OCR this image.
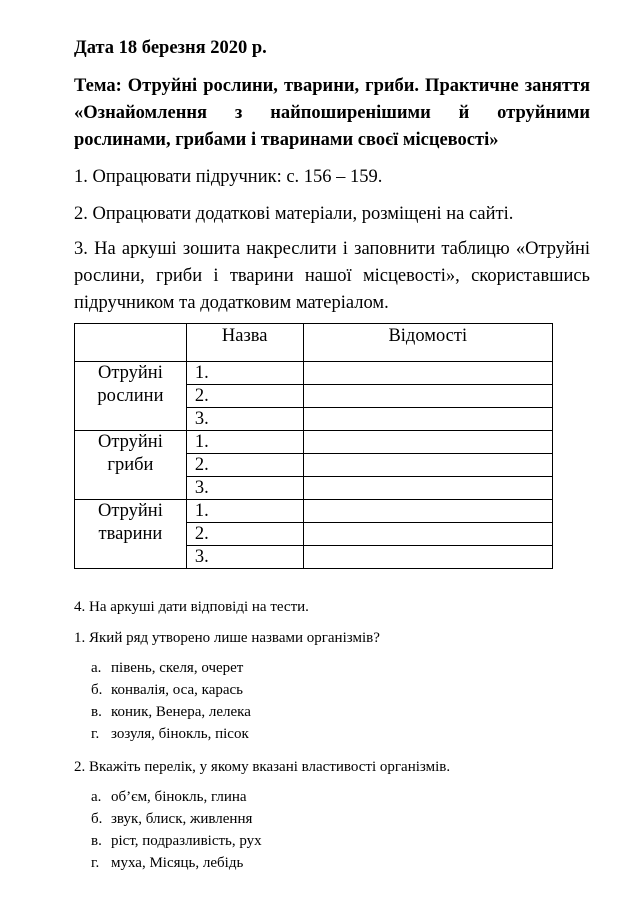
Дата 18 березня 2020 р.

Тема: Отруйні рослини, тварини, гриби. Практичне заняття «Ознайомлення з найпоширенішими й отруйними рослинами, грибами і тваринами своєї місцевості»

1. Опрацювати підручник: с. 156 – 159.

2. Опрацювати додаткові матеріали, розміщені на сайті.

3. На аркуші зошита накреслити і заповнити таблицю «Отруйні рослини, гриби і тварини нашої місцевості», скориставшись підручником та додатковим матеріалом.

	Назва	Відомості

Отруйні
рослини	1.	
	2.	
	3.	

Отруйні
гриби	1.	
	2.	
	3.	

Отруйні
тварини	1.	
	2.	
	3.	

4. На аркуші дати відповіді на тести.

1. Який ряд утворено лише назвами організмів?

а. півень, скеля, очерет
б. конвалія, оса, карась
в. коник, Венера, лелека
г. зозуля, бінокль, пісок

2. Вкажіть перелік, у якому вказані властивості організмів.

а. об’єм, бінокль, глина
б. звук, блиск, живлення
в. ріст, подразливість, рух
г. муха, Місяць, лебідь
